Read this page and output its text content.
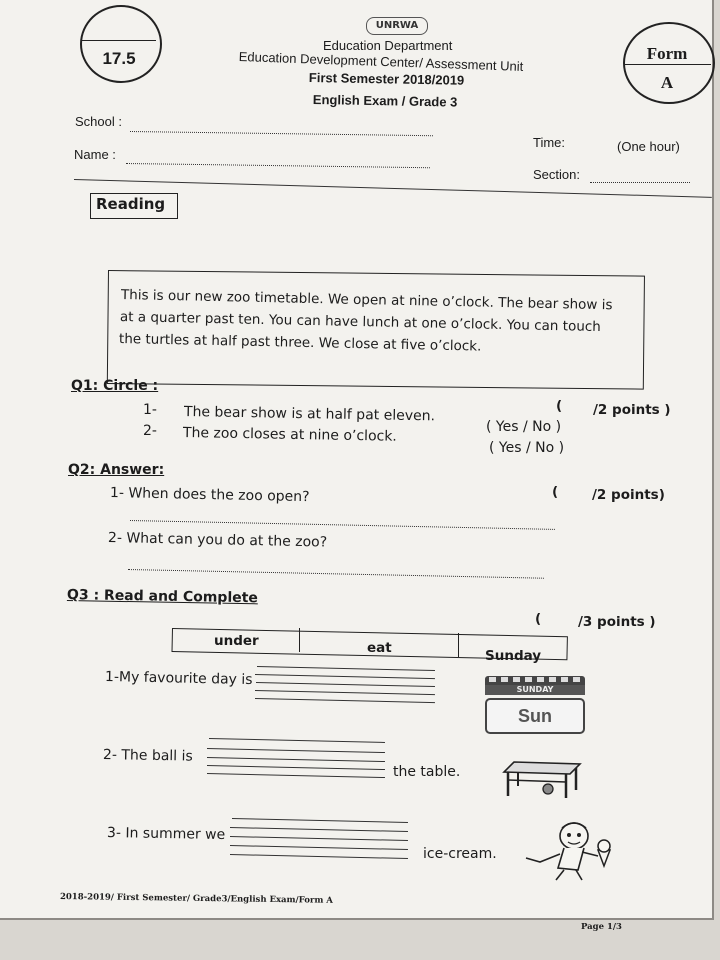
17.5
UNRWA
Education Department
Education Development Center/ Assessment Unit
First Semester 2018/2019
English Exam / Grade 3
Form
A
School :
Name :
Time:	(One hour)
Section:
Reading
This is our new zoo timetable. We open at nine o’clock. The bear show is
at a quarter past ten. You can have lunch at one o’clock. You can touch
the turtles at half past three. We close at five o’clock.
Q1: Circle :
( /2 points )
1- The bear show is at half pat eleven.
( Yes / No )
2- The zoo closes at nine o’clock.
( Yes / No )
Q2: Answer:
(	/2 points)
1- When does the zoo open?
2- What can you do at the zoo?
Q3 : Read and Complete
(	/3 points )
under	eat	Sunday
1-My favourite day is
SUNDAY
Sun
2- The ball is
the table.
3- In summer we
ice-cream.
2018-2019/ First Semester/ Grade3/English Exam/Form A
Page 1/3
